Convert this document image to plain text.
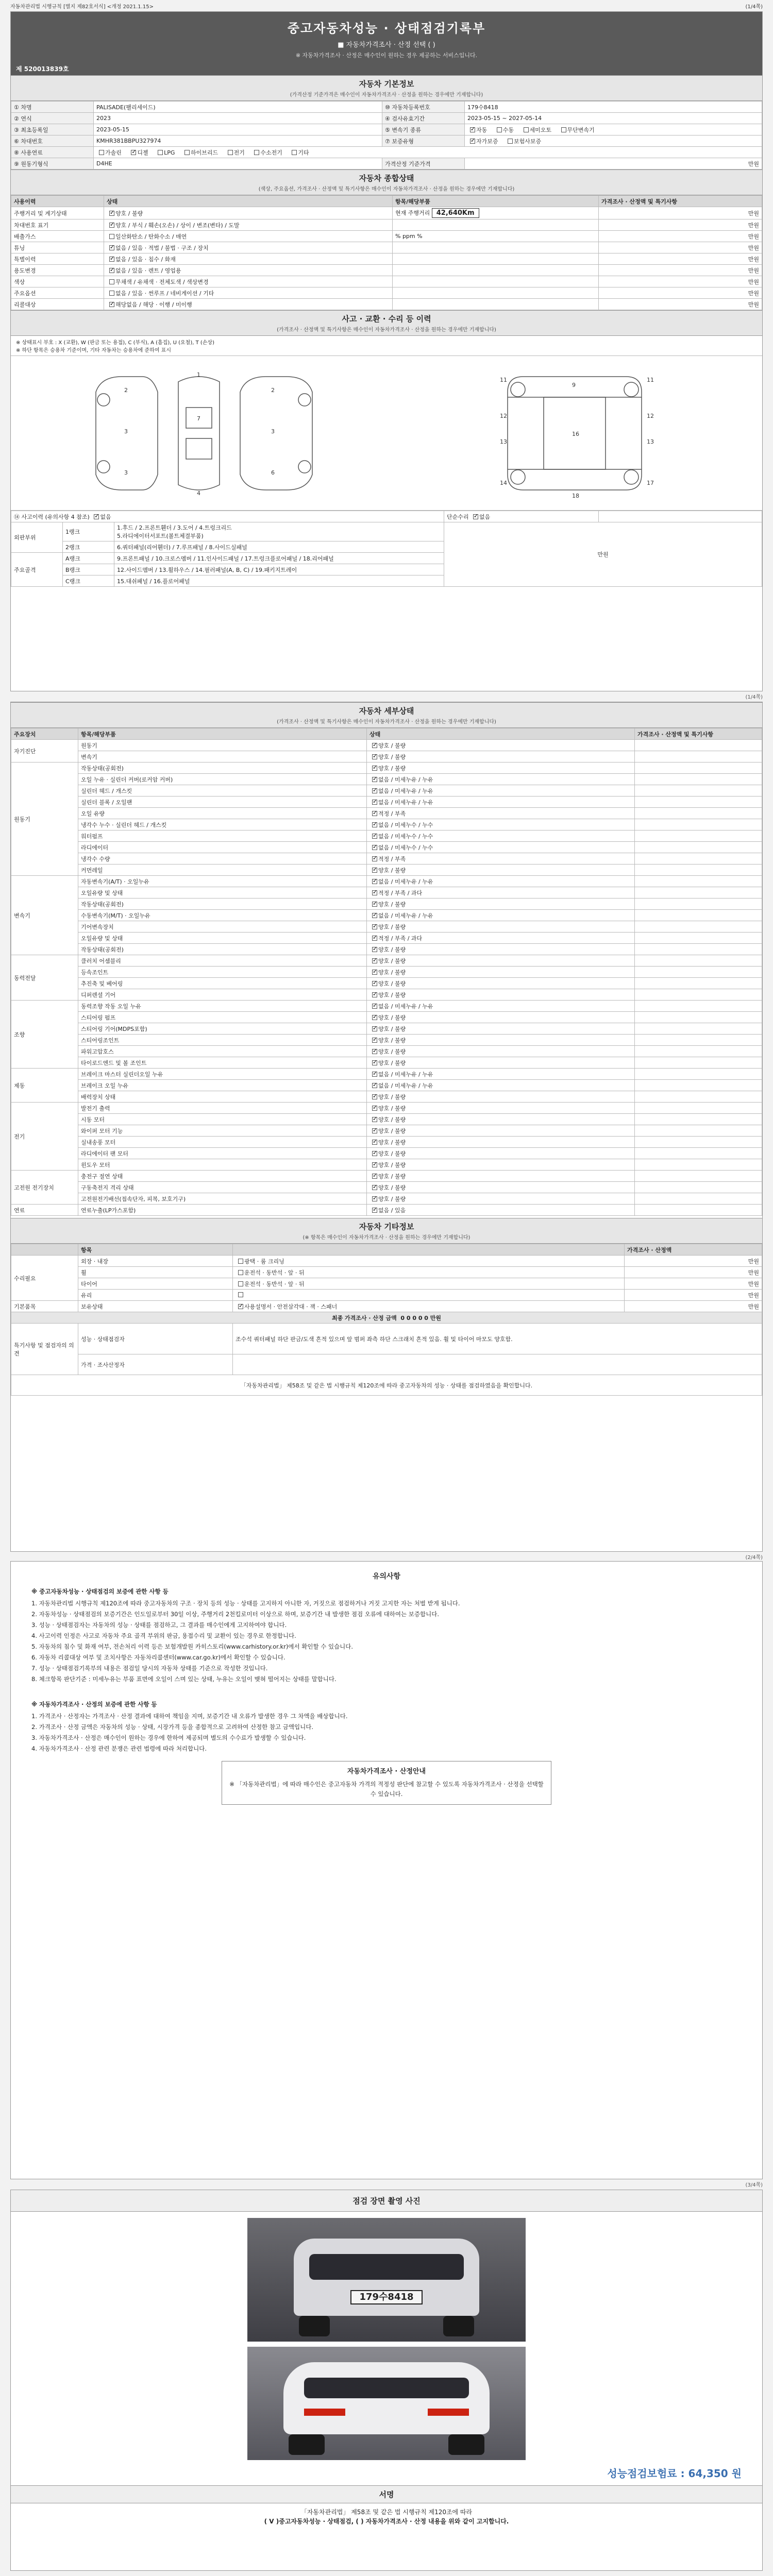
자동차관리법 시행규칙 [별지 제82호서식] <개정 2021.1.15>	(1/4쪽)
중고자동차성능 · 상태점검기록부
■ 자동차가격조사 · 산정 선택 ( )
※ 자동차가격조사 · 산정은 매수인이 원하는 경우 제공하는 서비스입니다.
제 520013839호
자동차 기본정보
(가격산정 기준가격은 매수인이 자동차가격조사 · 산정을 원하는 경우에만 기재합니다)
① 차명	PALISADE(팰리세이드)	⑩ 자동차등록번호	179수8418
② 연식	2023	④ 검사유효기간	2023-05-15 ~ 2027-05-14
③ 최초등록일	2023-05-15	⑤ 변속기 종류	✓자동 수동 세미오토 무단변속기
⑥ 차대번호	KMHR381BBPU327974	⑦ 보증유형	✓자가보증 보험사보증
⑧ 사용연료	가솔린 ✓ 디젤 LPG 하이브리드 전기 수소전기 기타
⑨ 원동기형식	D4HE	가격산정 기준가격	만원
자동차 종합상태
(색상, 주요옵션, 가격조사 · 산정액 및 특기사항은 매수인이 자동차가격조사 · 산정을 원하는 경우에만 기재합니다)
사용이력	상태	항목/해당부품	가격조사 · 산정액 및 특기사항
주행거리 및 계기상태	✓양호 / 불량	현재 주행거리 42,640Km	만원
차대번호 표기	✓양호 / 부식 / 훼손(오손) / 상이 / 변조(변타) / 도말		만원
배출가스	일산화탄소 / 탄화수소 / 매연	% ppm %	만원
튜닝	✓없음 / 있음 · 적법 / 불법 · 구조 / 장치		만원
특별이력	✓없음 / 있음 · 침수 / 화재		만원
용도변경	✓없음 / 있음 · 렌트 / 영업용		만원
색상	무채색 / 유채색 · 전체도색 / 색상변경		만원
주요옵션	없음 / 있음 · 썬루프 / 네비게이션 / 기타		만원
리콜대상	✓해당없음 / 해당 · 이행 / 미이행		만원
사고 · 교환 · 수리 등 이력
(가격조사 · 산정액 및 특기사항은 매수인이 자동차가격조사 · 산정을 원하는 경우에만 기재합니다)
※ 상태표시 부호 : X (교환), W (판금 또는 용접), C (부식), A (흠집), U (요철), T (손상)
※ 하단 항목은 승용차 기준이며, 기타 자동차는 승용차에 준하여 표시
2
3
3
1
7
4
2
3
6
11
12
13
14
9
16
18
11
12
13
17
⑭ 사고이력 (유의사항 4 참조) ✓ 없음			단순수리 ✓ 없음	
외판부위	1랭크	1.후드 / 2.프론트휀더 / 3.도어 / 4.트렁크리드
5.라디에이터서포트(볼트체결부품)	만원	
	2랭크	6.쿼터패널(리어휀더) / 7.루프패널 / 8.사이드실패널		
주요골격	A랭크	9.프론트패널 / 10.크로스멤버 / 11.인사이드패널 / 17.트렁크플로어패널 / 18.리어패널		
	B랭크	12.사이드멤버 / 13.휠하우스 / 14.필러패널(A, B, C) / 19.패키지트레이		
	C랭크	15.대쉬패널 / 16.플로어패널		
(1/4쪽)
자동차 세부상태
(가격조사 · 산정액 및 특기사항은 매수인이 자동차가격조사 · 산정을 원하는 경우에만 기재합니다)
주요장치	항목/해당부품	상태	가격조사 · 산정액 및 특기사항
자기진단	원동기	✓양호 / 불량	
	변속기	✓양호 / 불량	
원동기	작동상태(공회전)	✓양호 / 불량	
	오일 누유 · 실린더 커버(로커암 커버)	✓없음 / 미세누유 / 누유	
	실린더 헤드 / 개스킷	✓없음 / 미세누유 / 누유	
	실린더 블록 / 오일팬	✓없음 / 미세누유 / 누유	
	오일 유량	✓적정 / 부족	
	냉각수 누수 · 실린더 헤드 / 개스킷	✓없음 / 미세누수 / 누수	
	워터펌프	✓없음 / 미세누수 / 누수	
	라디에이터	✓없음 / 미세누수 / 누수	
	냉각수 수량	✓적정 / 부족	
	커먼레일	✓양호 / 불량	
변속기	자동변속기(A/T) · 오일누유	✓없음 / 미세누유 / 누유	
	오일유량 및 상태	✓적정 / 부족 / 과다	
	작동상태(공회전)	✓양호 / 불량	
	수동변속기(M/T) · 오일누유	✓없음 / 미세누유 / 누유	
	기어변속장치	✓양호 / 불량	
	오일유량 및 상태	✓적정 / 부족 / 과다	
	작동상태(공회전)	✓양호 / 불량	
동력전달	클러치 어셈블리	✓양호 / 불량	
	등속조인트	✓양호 / 불량	
	추진축 및 베어링	✓양호 / 불량	
	디퍼렌셜 기어	✓양호 / 불량	
조향	동력조향 작동 오일 누유	✓없음 / 미세누유 / 누유	
	스티어링 펌프	✓양호 / 불량	
	스티어링 기어(MDPS포함)	✓양호 / 불량	
	스티어링조인트	✓양호 / 불량	
	파워고압호스	✓양호 / 불량	
	타이로드엔드 및 볼 조인트	✓양호 / 불량	
제동	브레이크 마스터 실린더오일 누유	✓없음 / 미세누유 / 누유	
	브레이크 오일 누유	✓없음 / 미세누유 / 누유	
	배력장치 상태	✓양호 / 불량	
전기	발전기 출력	✓양호 / 불량	
	시동 모터	✓양호 / 불량	
	와이퍼 모터 기능	✓양호 / 불량	
	실내송풍 모터	✓양호 / 불량	
	라디에이터 팬 모터	✓양호 / 불량	
	윈도우 모터	✓양호 / 불량	
고전원 전기장치	충전구 절연 상태	✓양호 / 불량	
	구동축전지 격리 상태	✓양호 / 불량	
	고전원전기배선(접속단자, 피복, 보호기구)	✓양호 / 불량	
연료	연료누출(LP가스포함)	✓없음 / 있음	
자동차 기타정보
(※ 항목은 매수인이 자동차가격조사 · 산정을 원하는 경우에만 기재합니다)
	항목		가격조사 · 산정액
수리필요	외장 · 내장	광택 · 룸 크리닝	만원
	휠	운전석 · 동반석 · 앞 · 뒤	만원
	타이어	운전석 · 동반석 · 앞 · 뒤	만원
	유리		만원
기본품목	보유상태	✓사용설명서 · 안전삼각대 · 잭 · 스패너	만원
최종 가격조사 · 산정 금액 0 0 0 0 0 만원			
특기사항 및 점검자의 의견	성능 · 상태점검자	조수석 쿼터패널 하단 판금/도색 흔적 있으며 앞 범퍼 좌측 하단 스크래치 흔적 있음. 휠 및 타이어 마모도 양호함.	
	가격 · 조사산정자		
「자동차관리법」 제58조 및 같은 법 시행규칙 제120조에 따라 중고자동차의 성능 · 상태를 점검하였음을 확인합니다.			
(2/4쪽)
유의사항
※ 중고자동차성능 · 상태점검의 보증에 관한 사항 등

1. 자동차관리법 시행규칙 제120조에 따라 중고자동차의 구조 · 장치 등의 성능 · 상태를 고지하지 아니한 자, 거짓으로 점검하거나 거짓 고지한 자는 처벌 받게 됩니다.

2. 자동차성능 · 상태점검의 보증기간은 인도일로부터 30일 이상, 주행거리 2천킬로미터 이상으로 하며, 보증기간 내 발생한 점검 오류에 대하여는 보증합니다.

3. 성능 · 상태점검자는 자동차의 성능 · 상태를 점검하고, 그 결과를 매수인에게 고지하여야 합니다.

4. 사고이력 인정은 사고로 자동차 주요 골격 부위의 판금, 용접수리 및 교환이 있는 경우로 한정합니다.

5. 자동차의 침수 및 화재 여부, 전손처리 이력 등은 보험개발원 카히스토리(www.carhistory.or.kr)에서 확인할 수 있습니다.

6. 자동차 리콜대상 여부 및 조치사항은 자동차리콜센터(www.car.go.kr)에서 확인할 수 있습니다.

7. 성능 · 상태점검기록부의 내용은 점검일 당시의 자동차 상태를 기준으로 작성한 것입니다.

8. 체크항목 판단기준 : 미세누유는 부품 표면에 오일이 스며 있는 상태, 누유는 오일이 맺혀 떨어지는 상태를 말합니다.

※ 자동차가격조사 · 산정의 보증에 관한 사항 등

1. 가격조사 · 산정자는 가격조사 · 산정 결과에 대하여 책임을 지며, 보증기간 내 오류가 발생한 경우 그 차액을 배상합니다.

2. 가격조사 · 산정 금액은 자동차의 성능 · 상태, 시장가격 등을 종합적으로 고려하여 산정한 참고 금액입니다.

3. 자동차가격조사 · 산정은 매수인이 원하는 경우에 한하여 제공되며 별도의 수수료가 발생할 수 있습니다.

4. 자동차가격조사 · 산정 관련 분쟁은 관련 법령에 따라 처리합니다.

자동차가격조사 · 산정안내
※ 「자동차관리법」에 따라 매수인은 중고자동차 가격의 적정성 판단에 참고할 수 있도록 자동차가격조사 · 산정을 선택할 수 있습니다.
(3/4쪽)
점검 장면 촬영 사진
179수8418
성능점검보험료 : 64,350 원
서명
「자동차관리법」 제58조 및 같은 법 시행규칙 제120조에 따라
( V )중고자동차성능 · 상태점검, ( ) 자동차가격조사 · 산정 내용을 위와 같이 고지합니다.
